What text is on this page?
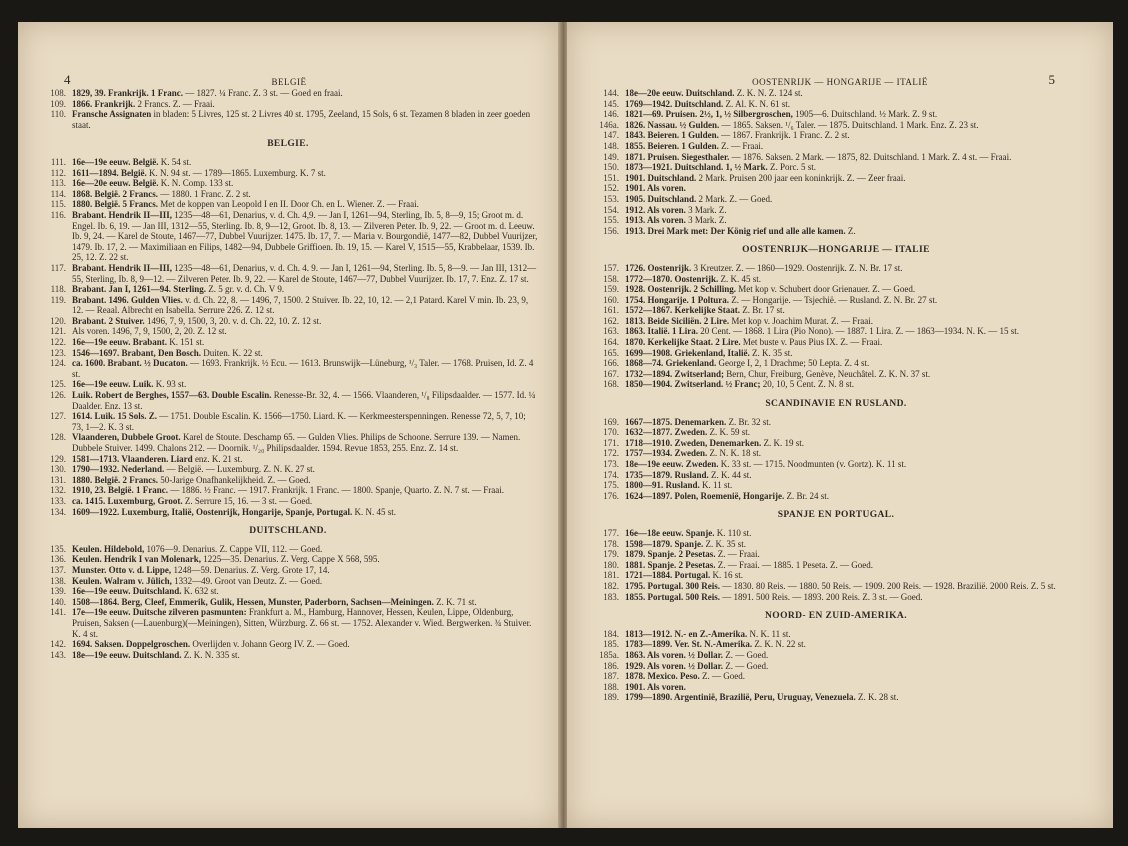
4	BELGIË
108. 1829, 39. Frankrijk. 1 Franc. — 1827. ¼ Franc. Z. 3 st. — Goed en fraai.
109. 1866. Frankrijk. 2 Francs. Z. — Fraai.
110. Fransche Assignaten in bladen: 5 Livres, 125 st. 2 Livres 40 st. 1795, Zeeland, 15 Sols, 6 st. Tezamen 8 bladen in zeer goeden staat.
BELGIE.
111. 16e—19e eeuw. België. K. 54 st.
112. 1611—1894. België. K. N. 94 st. — 1789—1865. Luxemburg. K. 7 st.
113. 16e—20e eeuw. België. K. N. Comp. 133 st.
114. 1868. België. 2 Francs. — 1880. 1 Franc. Z. 2 st.
115. 1880. België. 5 Francs. Met de koppen van Leopold I en II. Door Ch. en L. Wiener. Z. — Fraai.
116. Brabant. Hendrik II—III, 1235—48—61, Denarius, v. d. Ch. 4,9. — Jan I, 1261—94, Sterling, Ib. 5, 8—9, 15; Groot m. d. Engel. Ib. 6, 19. — Jan III, 1312—55, Sterling. Ib. 8, 9—12, Groot. Ib. 8, 13. — Zilveren Peter. Ib. 9, 22. — Groot m. d. Leeuw. Ib. 9, 24. — Karel de Stoute, 1467—77, Dubbel Vuurijzer. 1475. Ib. 17, 7. — Maria v. Bourgondië, 1477—82, Dubbel Vuurijzer, 1479. Ib. 17, 2. — Maximiliaan en Filips, 1482—94, Dubbele Griffioen. Ib. 19, 15. — Karel V, 1515—55, Krabbelaar, 1539. Ib. 25, 12. Z. 22 st.
117. Brabant. Hendrik II—III, 1235—48—61, Denarius, v. d. Ch. 4. 9. — Jan I, 1261—94, Sterling. Ib. 5, 8—9. — Jan III, 1312—55, Sterling, Ib. 8, 9—12. — Zilveren Peter. Ib. 9, 22. — Karel de Stoute, 1467—77, Dubbel Vuurijzer. Ib. 17, 7. Enz. Z. 17 st.
118. Brabant. Jan I, 1261—94. Sterling. Z. 5 gr. v. d. Ch. V 9.
119. Brabant. 1496. Gulden Vlies. v. d. Ch. 22, 8. — 1496, 7, 1500. 2 Stuiver. Ib. 22, 10, 12. — 2,1 Patard. Karel V min. Ib. 23, 9, 12. — Reaal. Albrecht en Isabella. Serrure 226. Z. 12 st.
120. Brabant. 2 Stuiver. 1496, 7, 9, 1500, 3, 20. v. d. Ch. 22, 10. Z. 12 st.
121. Als voren. 1496, 7, 9, 1500, 2, 20. Z. 12 st.
122. 16e—19e eeuw. Brabant. K. 151 st.
123. 1546—1697. Brabant, Den Bosch. Duiten. K. 22 st.
124. ca. 1600. Brabant. ½ Ducaton. — 1693. Frankrijk. ½ Ecu. — 1613. Brunswijk—Lüneburg, ¹/₃ Taler. — 1768. Pruisen, Id. Z. 4 st.
125. 16e—19e eeuw. Luik. K. 93 st.
126. Luik. Robert de Berghes, 1557—63. Double Escalin. Renesse-Br. 32, 4. — 1566. Vlaanderen, ¹/₈ Filipsdaalder. — 1577. Id. ¼ Daalder. Enz. 13 st.
127. 1614. Luik. 15 Sols. Z. — 1751. Double Escalin. K. 1566—1750. Liard. K. — Kerkmeesterspenningen. Renesse 72, 5, 7, 10; 73, 1—2. K. 3 st.
128. Vlaanderen, Dubbele Groot. Karel de Stoute. Deschamp 65. — Gulden Vlies. Philips de Schoone. Serrure 139. — Namen. Dubbele Stuiver. 1499. Chalons 212. — Doornik. ¹/₂₀ Philipsdaalder. 1594. Revue 1853, 255. Enz. Z. 14 st.
129. 1581—1713. Vlaanderen. Liard enz. K. 21 st.
130. 1790—1932. Nederland. — België. — Luxemburg. Z. N. K. 27 st.
131. 1880. België. 2 Francs. 50-Jarige Onafhankelijkheid. Z. — Goed.
132. 1910, 23. België. 1 Franc. — 1886. ½ Franc. — 1917. Frankrijk. 1 Franc. — 1800. Spanje, Quarto. Z. N. 7 st. — Fraai.
133. ca. 1415. Luxemburg, Groot. Z. Serrure 15, 16. — 3 st. — Goed.
134. 1609—1922. Luxemburg, Italië, Oostenrijk, Hongarije, Spanje, Portugal. K. N. 45 st.
DUITSCHLAND.
135. Keulen. Hildebold, 1076—9. Denarius. Z. Cappe VII, 112. — Goed.
136. Keulen. Hendrik I van Molenark, 1225—35. Denarius. Z. Verg. Cappe X 568, 595.
137. Munster. Otto v. d. Lippe, 1248—59. Denarius. Z. Verg. Grote 17, 14.
138. Keulen. Walram v. Jülich, 1332—49. Groot van Deutz. Z. — Goed.
139. 16e—19e eeuw. Duitschland. K. 632 st.
140. 1508—1864. Berg, Cleef, Emmerik, Gulik, Hessen, Munster, Paderborn, Sachsen—Meiningen. Z. K. 71 st.
141. 17e—19e eeuw. Duitsche zilveren pasmunten: Frankfurt a. M., Hamburg, Hannover, Hessen, Keulen, Lippe, Oldenburg, Pruisen, Saksen (—Lauenburg)(—Meiningen), Sitten, Würzburg. Z. 66 st. — 1752. Alexander v. Wied. Bergwerken. ¾ Stuiver. K. 4 st.
142. 1694. Saksen. Doppelgroschen. Overlijden v. Johann Georg IV. Z. — Goed.
143. 18e—19e eeuw. Duitschland. Z. K. N. 335 st.
OOSTENRIJK — HONGARIJE — ITALIË	5
144. 18e—20e eeuw. Duitschland. Z. K. N. Z. 124 st.
145. 1769—1942. Duitschland. Z. Al. K. N. 61 st.
146. 1821—69. Pruisen. 2½, 1, ½ Silbergroschen, 1905—6. Duitschland. ½ Mark. Z. 9 st.
146a. 1826. Nassau. ½ Gulden. — 1865. Saksen. ¹/₆ Taler. — 1875. Duitschland. 1 Mark. Enz. Z. 23 st.
147. 1843. Beieren. 1 Gulden. — 1867. Frankrijk. 1 Franc. Z. 2 st.
148. 1855. Beieren. 1 Gulden. Z. — Fraai.
149. 1871. Pruisen. Siegesthaler. — 1876. Saksen. 2 Mark. — 1875, 82. Duitschland. 1 Mark. Z. 4 st. — Fraai.
150. 1873—1921. Duitschland. 1, ½ Mark. Z. Porc. 5 st.
151. 1901. Duitschland. 2 Mark. Pruisen 200 jaar een koninkrijk. Z. — Zeer fraai.
152. 1901. Als voren.
153. 1905. Duitschland. 2 Mark. Z. — Goed.
154. 1912. Als voren. 3 Mark. Z.
155. 1913. Als voren. 3 Mark. Z.
156. 1913. Drei Mark met: Der König rief und alle alle kamen. Z.
OOSTENRIJK—HONGARIJE — ITALIE
157. 1726. Oostenrijk. 3 Kreutzer. Z. — 1860—1929. Oostenrijk. Z. N. Br. 17 st.
158. 1772—1870. Oostenrijk. Z. K. 45 st.
159. 1928. Oostenrijk. 2 Schilling. Met kop v. Schubert door Grienauer. Z. — Goed.
160. 1754. Hongarije. 1 Poltura. Z. — Hongarije. — Tsjechië. — Rusland. Z. N. Br. 27 st.
161. 1572—1867. Kerkelijke Staat. Z. Br. 17 st.
162. 1813. Beide Siciliën. 2 Lire. Met kop v. Joachim Murat. Z. — Fraai.
163. 1863. Italië. 1 Lira. 20 Cent. — 1868. 1 Lira (Pio Nono). — 1887. 1 Lira. Z. — 1863—1934. N. K. — 15 st.
164. 1870. Kerkelijke Staat. 2 Lire. Met buste v. Paus Pius IX. Z. — Fraai.
165. 1699—1908. Griekenland, Italië. Z. K. 35 st.
166. 1868—74. Griekenland. George I, 2, 1 Drachme; 50 Lepta. Z. 4 st.
167. 1732—1894. Zwitserland; Bern, Chur, Freiburg, Genève, Neuchâtel. Z. K. N. 37 st.
168. 1850—1904. Zwitserland. ½ Franc; 20, 10, 5 Cent. Z. N. 8 st.
SCANDINAVIE EN RUSLAND.
169. 1667—1875. Denemarken. Z. Br. 32 st.
170. 1632—1877. Zweden. Z. K. 59 st.
171. 1718—1910. Zweden, Denemarken. Z. K. 19 st.
172. 1757—1934. Zweden. Z. N. K. 18 st.
173. 18e—19e eeuw. Zweden. K. 33 st. — 1715. Noodmunten (v. Gortz). K. 11 st.
174. 1735—1879. Rusland. Z. K. 44 st.
175. 1800—91. Rusland. K. 11 st.
176. 1624—1897. Polen, Roemenië, Hongarije. Z. Br. 24 st.
SPANJE EN PORTUGAL.
177. 16e—18e eeuw. Spanje. K. 110 st.
178. 1598—1879. Spanje. Z. K. 35 st.
179. 1879. Spanje. 2 Pesetas. Z. — Fraai.
180. 1881. Spanje. 2 Pesetas. Z. — Fraai. — 1885. 1 Peseta. Z. — Goed.
181. 1721—1884. Portugal. K. 16 st.
182. 1795. Portugal. 300 Reis. — 1830. 80 Reis. — 1880. 50 Reis. — 1909. 200 Reis. — 1928. Brazilië. 2000 Reis. Z. 5 st.
183. 1855. Portugal. 500 Reis. — 1891. 500 Reis. — 1893. 200 Reis. Z. 3 st. — Goed.
NOORD- EN ZUID-AMERIKA.
184. 1813—1912. N.- en Z.-Amerika. N. K. 11 st.
185. 1783—1899. Ver. St. N.-Amerika. Z. K. N. 22 st.
185a. 1863. Als voren. ½ Dollar. Z. — Goed.
186. 1929. Als voren. ½ Dollar. Z. — Goed.
187. 1878. Mexico. Peso. Z. — Goed.
188. 1901. Als voren.
189. 1799—1890. Argentinië, Brazilië, Peru, Uruguay, Venezuela. Z. K. 28 st.
